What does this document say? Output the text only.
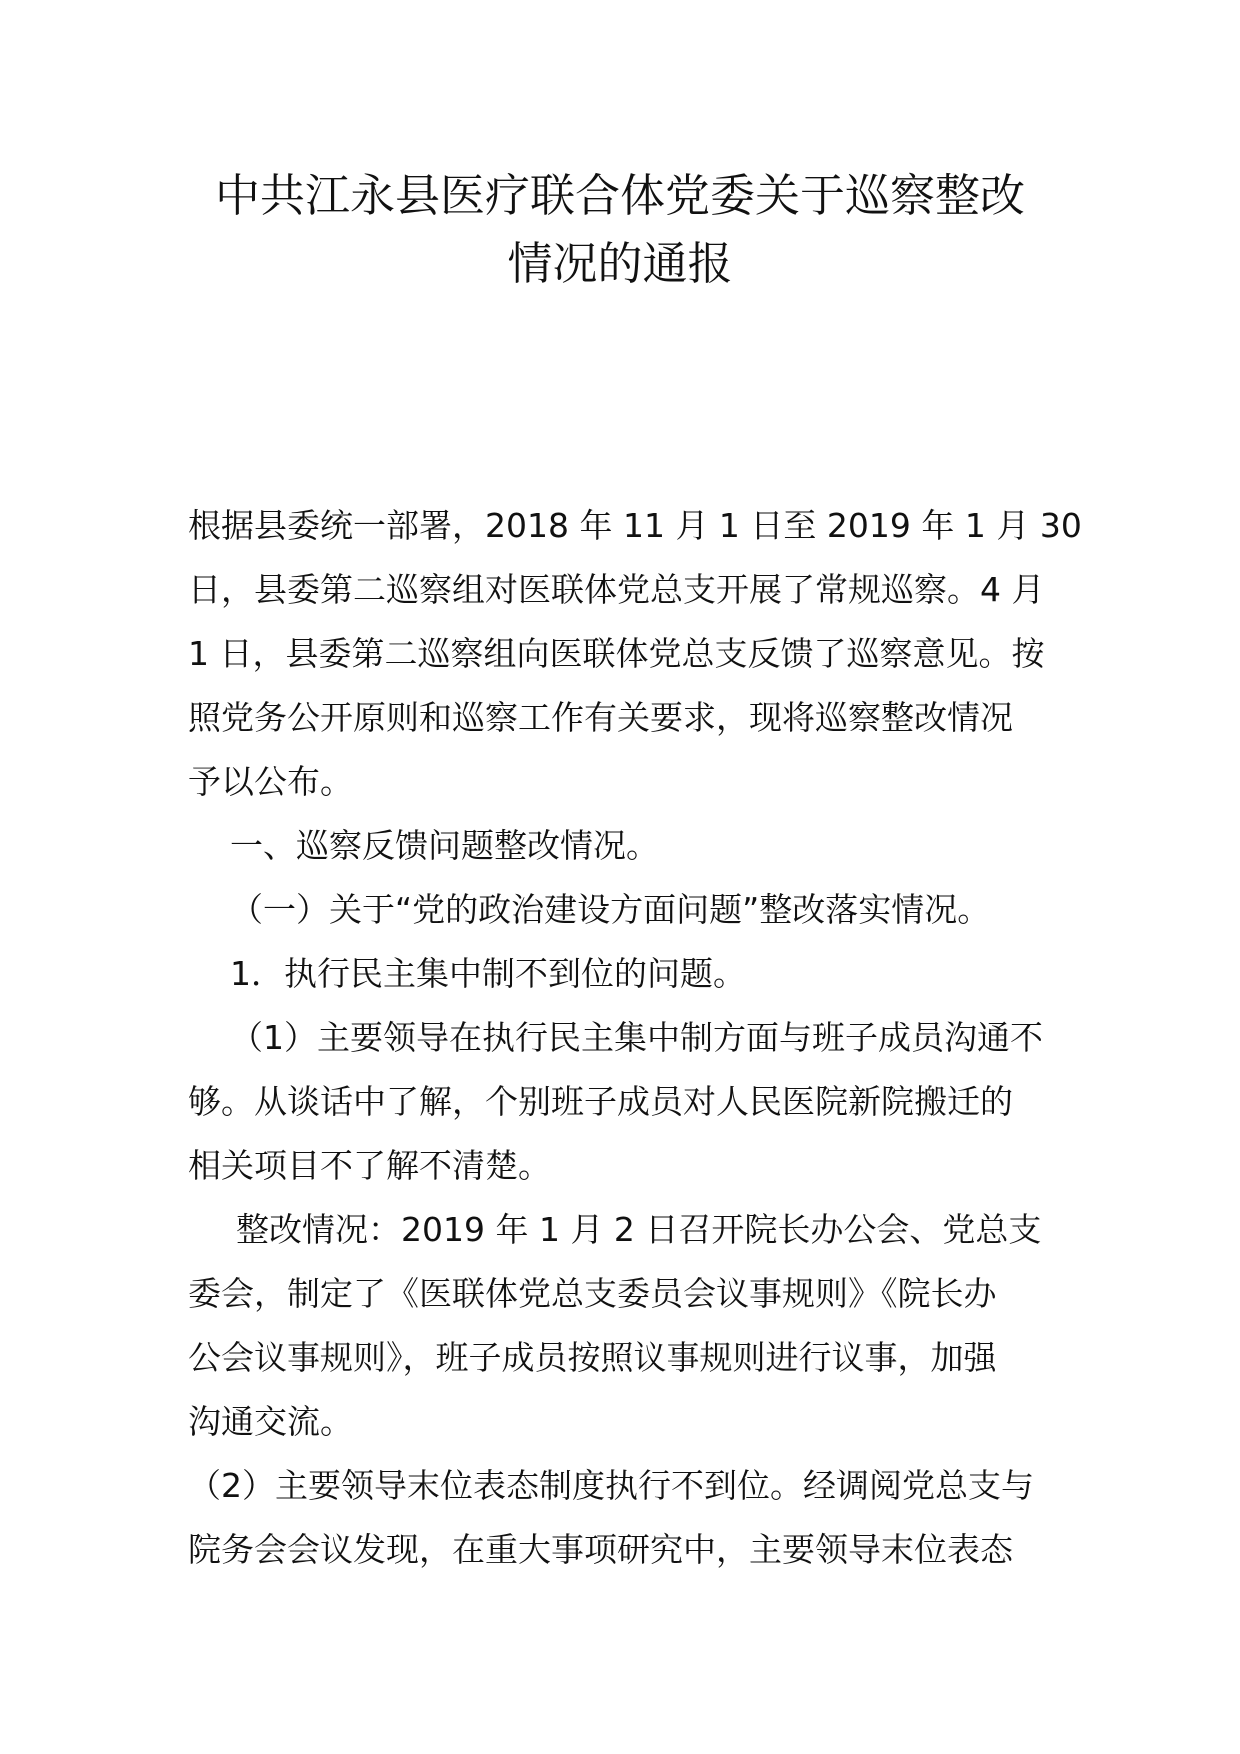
中共江永县医疗联合体党委关于巡察整改
情况的通报
根据县委统一部署，2018 年 11 月 1 日至 2019 年 1 月 30
日，县委第二巡察组对医联体党总支开展了常规巡察。4 月
1 日，县委第二巡察组向医联体党总支反馈了巡察意见。按
照党务公开原则和巡察工作有关要求，现将巡察整改情况
予以公布。
一、巡察反馈问题整改情况。
（一）关于“党的政治建设方面问题”整改落实情况。
1．执行民主集中制不到位的问题。
（1）主要领导在执行民主集中制方面与班子成员沟通不
够。从谈话中了解，个别班子成员对人民医院新院搬迁的
相关项目不了解不清楚。
整改情况：2019 年 1 月 2 日召开院长办公会、党总支
委会，制定了《医联体党总支委员会议事规则》《院长办
公会议事规则》，班子成员按照议事规则进行议事，加强
沟通交流。
（2）主要领导末位表态制度执行不到位。经调阅党总支与
院务会会议发现，在重大事项研究中，主要领导末位表态
